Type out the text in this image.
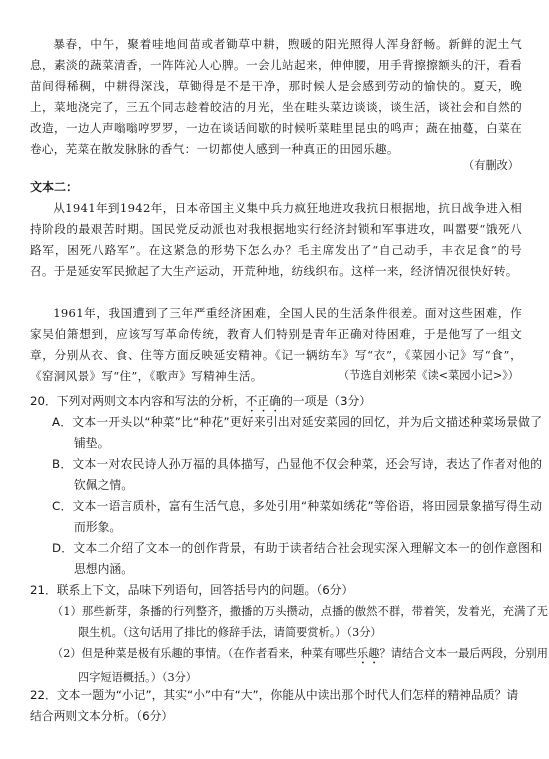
暴春，中午，聚着哇地间苗或者锄草中耕，煦暖的阳光照得人浑身舒畅。新鲜的泥土气息，素淡的蔬菜清香，一阵阵沁人心脾。一会儿站起来，伸伸腰，用手背擦擦额头的汗，看看苗间得稀稠，中耕得深浅，草锄得是不是干净，那时候人是会感到劳动的愉快的。夏天，晚上，菜地浇完了，三五个同志趁着皎洁的月光，坐在畦头菜边谈谈，谈生活，谈社会和自然的改造，一边人声嗡嗡哼罗罗，一边在谈话间歇的时候听菜畦里昆虫的鸣声；蔬在抽蔓，白菜在卷心，芜菜在散发脉脉的香气：一切都使人感到一种真正的田园乐趣。
（有删改）
文本二：
从1941年到1942年，日本帝国主义集中兵力疯狂地进攻我抗日根据地，抗日战争进入相持阶段的最艰苦时期。国民党反动派也对我根据地实行经济封锁和军事进攻，叫嚣要“饿死八路军，困死八路军”。在这紧急的形势下怎么办？毛主席发出了“自己动手，丰衣足食”的号召。于是延安军民掀起了大生产运动，开荒种地，纺线织布。这样一来，经济情况很快好转。
1961年，我国遭到了三年严重经济困难，全国人民的生活条件很差。面对这些困难，作家吴伯箫想到，应该写写革命传统，教育人们特别是青年正确对待困难，于是他写了一组文章，分别从衣、食、住等方面反映延安精神。《记一辆纺车》写“衣”，《菜园小记》写“食”，《窑洞风景》写“住”，《歌声》写精神生活。	（节选自刘彬荣《读<菜园小记>》）
20．下列对两则文本内容和写法的分析，不正确的一项是（3分）
A．文本一开头以“种菜”比“种花”更好来引出对延安菜园的回忆，并为后文描述种菜场景做了铺垫。
B．文本一对农民诗人孙万福的具体描写，凸显他不仅会种菜，还会写诗，表达了作者对他的钦佩之情。
C．文本一语言质朴，富有生活气息，多处引用“种菜如绣花”等俗语，将田园景象描写得生动而形象。
D．文本二介绍了文本一的创作背景，有助于读者结合社会现实深入理解文本一的创作意图和思想内涵。
21．联系上下文，品味下列语句，回答括号内的问题。（6分）
（1）那些新芽，条播的行列整齐，撒播的万头攒动，点播的傲然不群，带着笑，发着光，充满了无限生机。（这句话用了排比的修辞手法，请简要赏析。）（3分）
（2）但是种菜是极有乐趣的事情。（在作者看来，种菜有哪些乐趣？请结合文本一最后两段，分别用四字短语概括。）（3分）
22．文本一题为“小记”，其实“小”中有“大”，你能从中读出那个时代人们怎样的精神品质？请结合两则文本分析。（6分）
